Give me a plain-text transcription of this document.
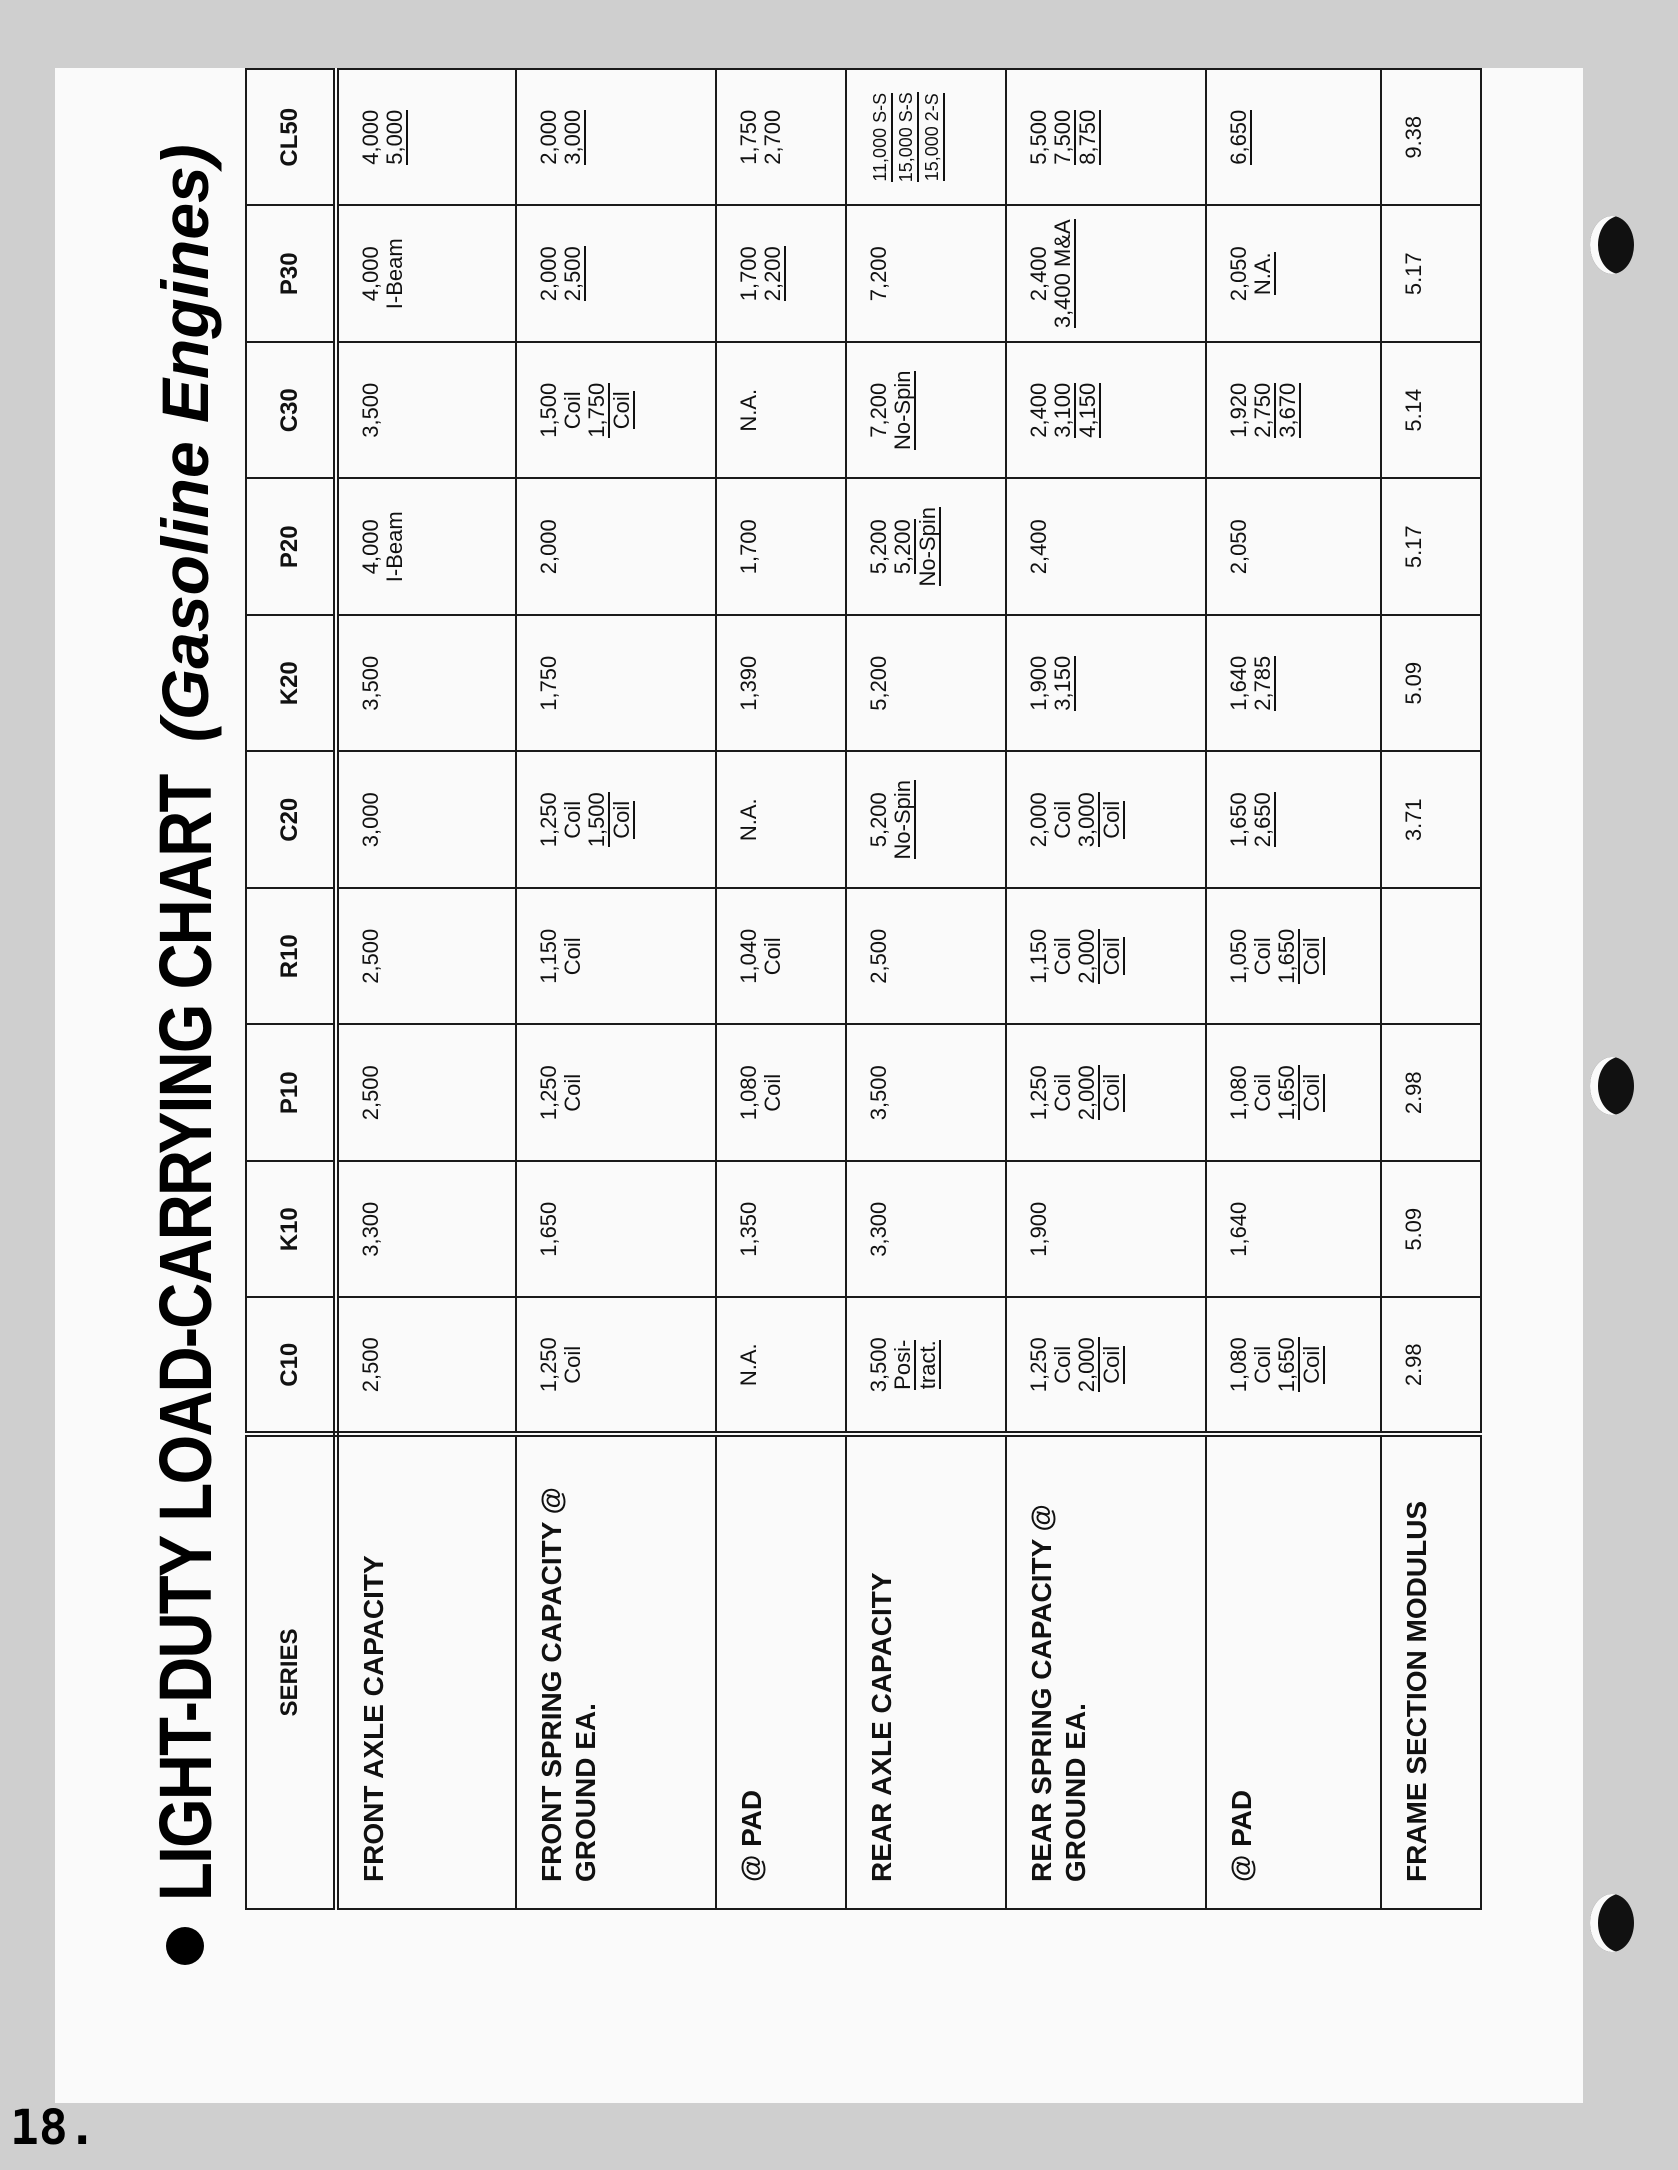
18.
LIGHT-DUTY LOAD-CARRYING CHART
(Gasoline Engines)
SERIES	C10	K10	P10	R10	C20	K20	P20	C30	P30	CL50
FRONT AXLE CAPACITY	2,500	3,300	2,500	2,500	3,000	3,500	4,000 I-Beam	3,500	4,000 I-Beam	4,000 5,000

FRONT SPRING CAPACITY @ GROUND EA.	1,250 Coil	1,650	1,250 Coil	1,150 Coil	1,250 Coil 1,500 Coil	1,750	2,000	1,500 Coil 1,750 Coil	2,000 2,500	2,000 3,000

@ PAD	N.A.	1,350	1,080 Coil	1,040 Coil	N.A.	1,390	1,700	N.A.	1,700 2,200	1,750 2,700

REAR AXLE CAPACITY	3,500 Posi- tract.	3,300	3,500	2,500	5,200 No-Spin	5,200	5,200 5,200 No-Spin	7,200 No-Spin	7,200	11,000 S-S 15,000 S-S 15,000 2-S

REAR SPRING CAPACITY @ GROUND EA.	1,250 Coil 2,000 Coil	1,900	1,250 Coil 2,000 Coil	1,150 Coil 2,000 Coil	2,000 Coil 3,000 Coil	1,900 3,150	2,400	2,400 3,100 4,150	2,400 3,400 M&A	5,500 7,500 8,750

@ PAD	1,080 Coil 1,650 Coil	1,640	1,080 Coil 1,650 Coil	1,050 Coil 1,650 Coil	1,650 2,650	1,640 2,785	2,050	1,920 2,750 3,670	2,050 N.A.	6,650

FRAME SECTION MODULUS	2.98	5.09	2.98		3.71	5.09	5.17	5.14	5.17	9.38
